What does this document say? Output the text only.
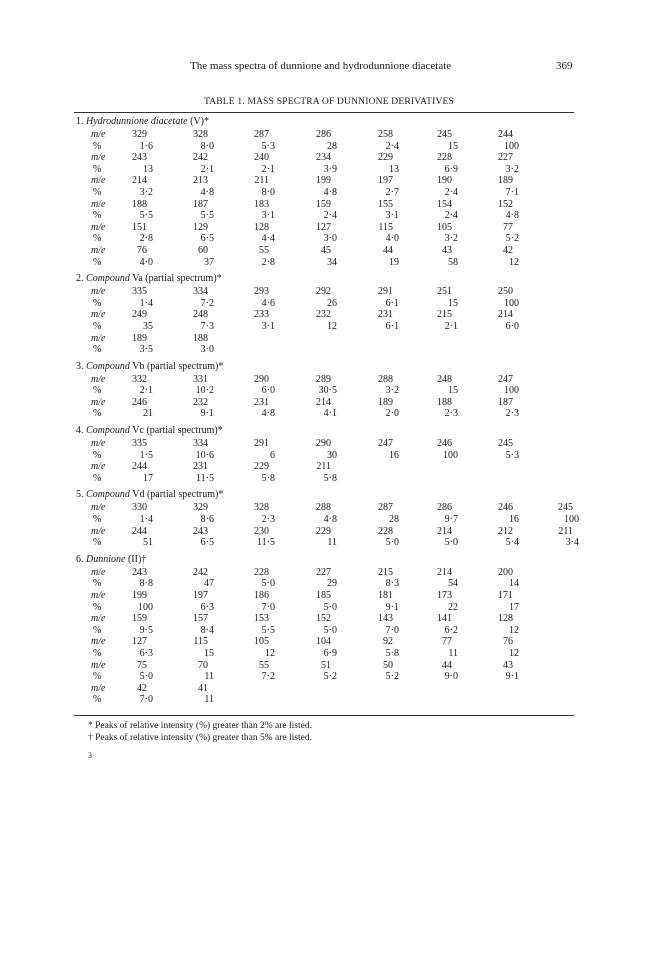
The mass spectra of dunnione and hydrodunnione diacetate	369
TABLE 1. MASS SPECTRA OF DUNNIONE DERIVATIVES
1. Hydrodunnione diacetate (V)*
m/e	329	328	287	286	258	245	244
%	1·6	8·0	5·3	28	2·4	15	100
m/e	243	242	240	234	229	228	227
%	13	2·1	2·1	3·9	13	6·9	3·2
m/e	214	213	211	199	197	190	189
%	3·2	4·8	8·0	4·8	2·7	2·4	7·1
m/e	188	187	183	159	155	154	152
%	5·5	5·5	3·1	2·4	3·1	2·4	4·8
m/e	151	129	128	127	115	105	77
%	2·8	6·5	4·4	3·0	4·0	3·2	5·2
m/e	76	60	55	45	44	43	42
%	4·0	37	2·8	34	19	58	12
2. Compound Va (partial spectrum)*
m/e	335	334	293	292	291	251	250
%	1·4	7·2	4·6	26	6·1	15	100
m/e	249	248	233	232	231	215	214
%	35	7·3	3·1	12	6·1	2·1	6·0
m/e	189	188
%	3·5	3·0
3. Compound Vb (partial spectrum)*
m/e	332	331	290	289	288	248	247
%	2·1	10·2	6·0	30·5	3·2	15	100
m/e	246	232	231	214	189	188	187
%	21	9·1	4·8	4·1	2·0	2·3	2·3
4. Compound Vc (partial spectrum)*
m/e	335	334	291	290	247	246	245
%	1·5	10·6	6	30	16	100	5·3
m/e	244	231	229	211
%	17	11·5	5·8	5·8
5. Compound Vd (partial spectrum)*
m/e	330	329	328	288	287	286	246	245
%	1·4	8·6	2·3	4·8	28	9·7	16	100
m/e	244	243	230	229	228	214	212	211
%	51	6·5	11·5	11	5·0	5·0	5·4	3·4
6. Dunnione (II)†
m/e	243	242	228	227	215	214	200
%	8·8	47	5·0	29	8·3	54	14
m/e	199	197	186	185	181	173	171
%	100	6·3	7·0	5·0	9·1	22	17
m/e	159	157	153	152	143	141	128
%	9·5	8·4	5·5	5·0	7·0	6·2	12
m/e	127	115	105	104	92	77	76
%	6·3	15	12	6·9	5·8	11	12
m/e	75	70	55	51	50	44	43
%	5·0	11	7·2	5·2	5·2	9·0	9·1
m/e	42	41
%	7·0	11
* Peaks of relative intensity (%) greater than 2% are listed.
† Peaks of relative intensity (%) greater than 5% are listed.
3
